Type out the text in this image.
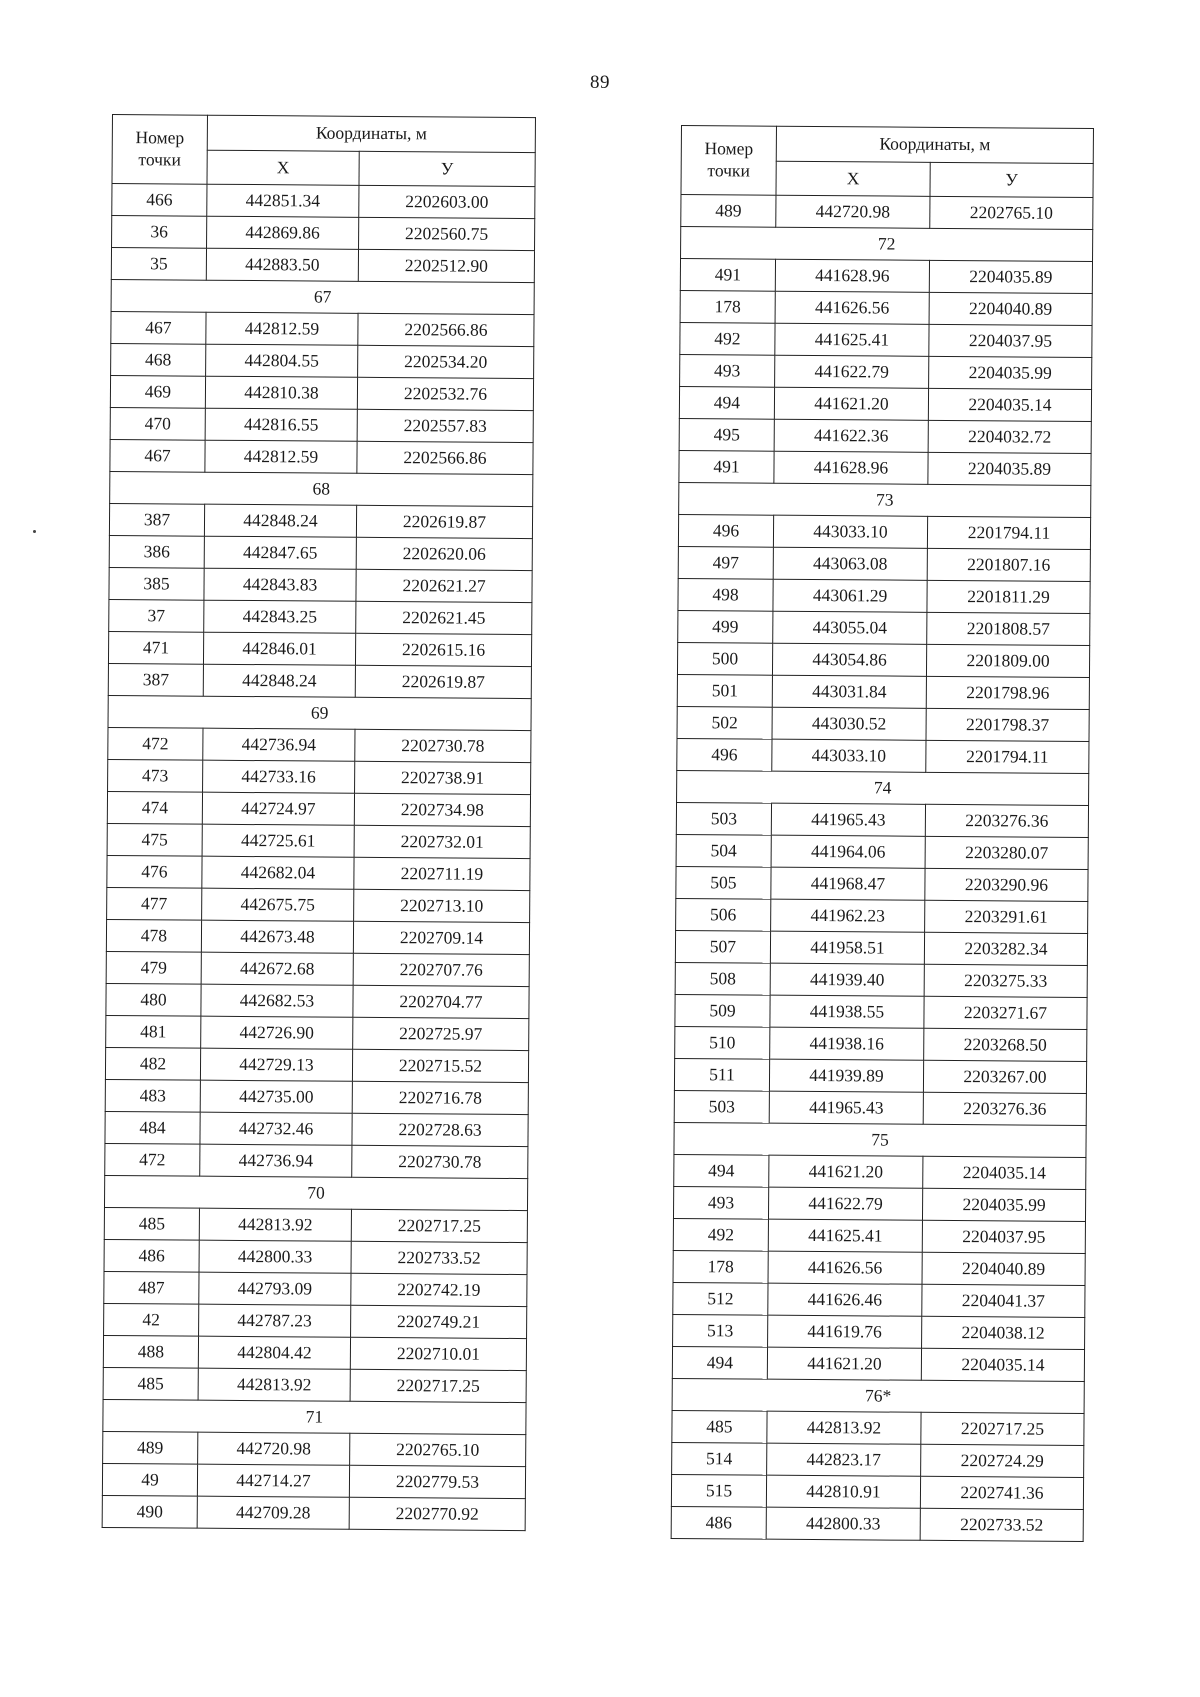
89
Номер точки	Координаты, м	
	Х	У
466	442851.34	2202603.00
36	442869.86	2202560.75
35	442883.50	2202512.90
67		
467	442812.59	2202566.86
468	442804.55	2202534.20
469	442810.38	2202532.76
470	442816.55	2202557.83
467	442812.59	2202566.86
68		
387	442848.24	2202619.87
386	442847.65	2202620.06
385	442843.83	2202621.27
37	442843.25	2202621.45
471	442846.01	2202615.16
387	442848.24	2202619.87
69		
472	442736.94	2202730.78
473	442733.16	2202738.91
474	442724.97	2202734.98
475	442725.61	2202732.01
476	442682.04	2202711.19
477	442675.75	2202713.10
478	442673.48	2202709.14
479	442672.68	2202707.76
480	442682.53	2202704.77
481	442726.90	2202725.97
482	442729.13	2202715.52
483	442735.00	2202716.78
484	442732.46	2202728.63
472	442736.94	2202730.78
70		
485	442813.92	2202717.25
486	442800.33	2202733.52
487	442793.09	2202742.19
42	442787.23	2202749.21
488	442804.42	2202710.01
485	442813.92	2202717.25
71		
489	442720.98	2202765.10
49	442714.27	2202779.53
490	442709.28	2202770.92
Номер точки	Координаты, м	
	Х	У
489	442720.98	2202765.10
72		
491	441628.96	2204035.89
178	441626.56	2204040.89
492	441625.41	2204037.95
493	441622.79	2204035.99
494	441621.20	2204035.14
495	441622.36	2204032.72
491	441628.96	2204035.89
73		
496	443033.10	2201794.11
497	443063.08	2201807.16
498	443061.29	2201811.29
499	443055.04	2201808.57
500	443054.86	2201809.00
501	443031.84	2201798.96
502	443030.52	2201798.37
496	443033.10	2201794.11
74		
503	441965.43	2203276.36
504	441964.06	2203280.07
505	441968.47	2203290.96
506	441962.23	2203291.61
507	441958.51	2203282.34
508	441939.40	2203275.33
509	441938.55	2203271.67
510	441938.16	2203268.50
511	441939.89	2203267.00
503	441965.43	2203276.36
75		
494	441621.20	2204035.14
493	441622.79	2204035.99
492	441625.41	2204037.95
178	441626.56	2204040.89
512	441626.46	2204041.37
513	441619.76	2204038.12
494	441621.20	2204035.14
76*		
485	442813.92	2202717.25
514	442823.17	2202724.29
515	442810.91	2202741.36
486	442800.33	2202733.52
